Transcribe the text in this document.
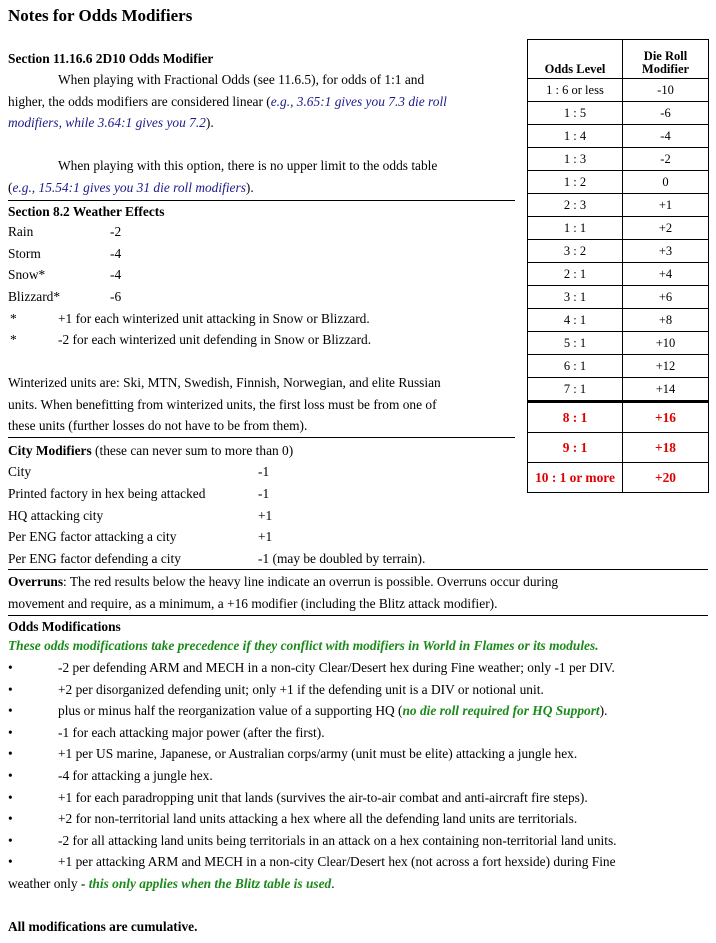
Notes for Odds Modifiers
Section 11.16.6 2D10 Odds Modifier
When playing with Fractional Odds (see 11.6.5), for odds of 1:1 and
higher, the odds modifiers are considered linear (e.g., 3.65:1 gives you 7.3 die roll
modifiers, while 3.64:1 gives you 7.2).
When playing with this option, there is no upper limit to the odds table
(e.g., 15.54:1 gives you 31 die roll modifiers).
Section 8.2 Weather Effects
Rain	-2
Storm	-4
Snow*	-4
Blizzard*	-6
*	+1 for each winterized unit attacking in Snow or Blizzard.
*	-2 for each winterized unit defending in Snow or Blizzard.
Winterized units are: Ski, MTN, Swedish, Finnish, Norwegian, and elite Russian
units. When benefitting from winterized units, the first loss must be from one of
these units (further losses do not have to be from them).
City Modifiers (these can never sum to more than 0)
City	-1
Printed factory in hex being attacked	-1
HQ attacking city	+1
Per ENG factor attacking a city	+1
Per ENG factor defending a city	-1 (may be doubled by terrain).
Overruns: The red results below the heavy line indicate an overrun is possible. Overruns occur during
movement and require, as a minimum, a +16 modifier (including the Blitz attack modifier).
Odds Modifications
These odds modifications take precedence if they conflict with modifiers in World in Flames or its modules.
•	-2 per defending ARM and MECH in a non-city Clear/Desert hex during Fine weather; only -1 per DIV.
•	+2 per disorganized defending unit; only +1 if the defending unit is a DIV or notional unit.
•	plus or minus half the reorganization value of a supporting HQ (no die roll required for HQ Support).
•	-1 for each attacking major power (after the first).
•	+1 per US marine, Japanese, or Australian corps/army (unit must be elite) attacking a jungle hex.
•	-4 for attacking a jungle hex.
•	+1 for each paradropping unit that lands (survives the air-to-air combat and anti-aircraft fire steps).
•	+2 for non-territorial land units attacking a hex where all the defending land units are territorials.
•	-2 for all attacking land units being territorials in an attack on a hex containing non-territorial land units.
•	+1 per attacking ARM and MECH in a non-city Clear/Desert hex (not across a fort hexside) during Fine
weather only - this only applies when the Blitz table is used.
All modifications are cumulative.
Odds Level	Die Roll
Modifier
1 : 6 or less	-10
1 : 5	-6
1 : 4	-4
1 : 3	-2
1 : 2	0
2 : 3	+1
1 : 1	+2
3 : 2	+3
2 : 1	+4
3 : 1	+6
4 : 1	+8
5 : 1	+10
6 : 1	+12
7 : 1	+14
8 : 1	+16
9 : 1	+18
10 : 1 or more	+20
